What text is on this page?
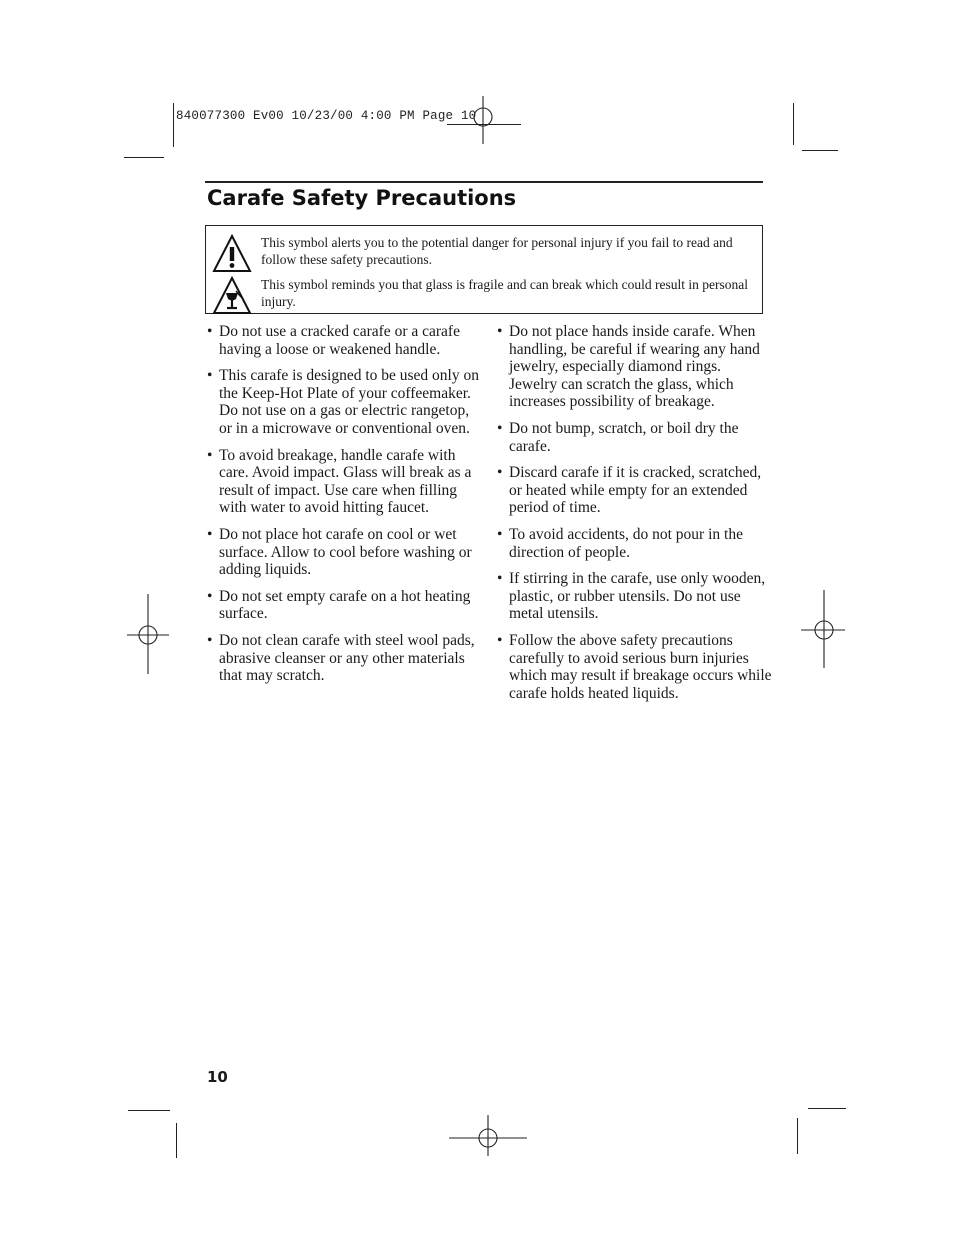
840077300 Ev00 10/23/00 4:00 PM Page 10
Carafe Safety Precautions
This symbol alerts you to the potential danger for personal injury if you fail to read and follow these safety precautions.
This symbol reminds you that glass is fragile and can break which could result in personal injury.
• Do not use a cracked carafe or a carafe having a loose or weakened handle.
• This carafe is designed to be used only on the Keep-Hot Plate of your coffeemaker. Do not use on a gas or electric rangetop, or in a microwave or conventional oven.
• To avoid breakage, handle carafe with care. Avoid impact. Glass will break as a result of impact. Use care when filling with water to avoid hitting faucet.
• Do not place hot carafe on cool or wet surface. Allow to cool before washing or adding liquids.
• Do not set empty carafe on a hot heating surface.
• Do not clean carafe with steel wool pads, abrasive cleanser or any other materials that may scratch.
• Do not place hands inside carafe. When handling, be careful if wearing any hand jewelry, especially diamond rings. Jewelry can scratch the glass, which increases possibility of breakage.
• Do not bump, scratch, or boil dry the carafe.
• Discard carafe if it is cracked, scratched, or heated while empty for an extended period of time.
• To avoid accidents, do not pour in the direction of people.
• If stirring in the carafe, use only wooden, plastic, or rubber utensils. Do not use metal utensils.
• Follow the above safety precautions carefully to avoid serious burn injuries which may result if breakage occurs while carafe holds heated liquids.
10
